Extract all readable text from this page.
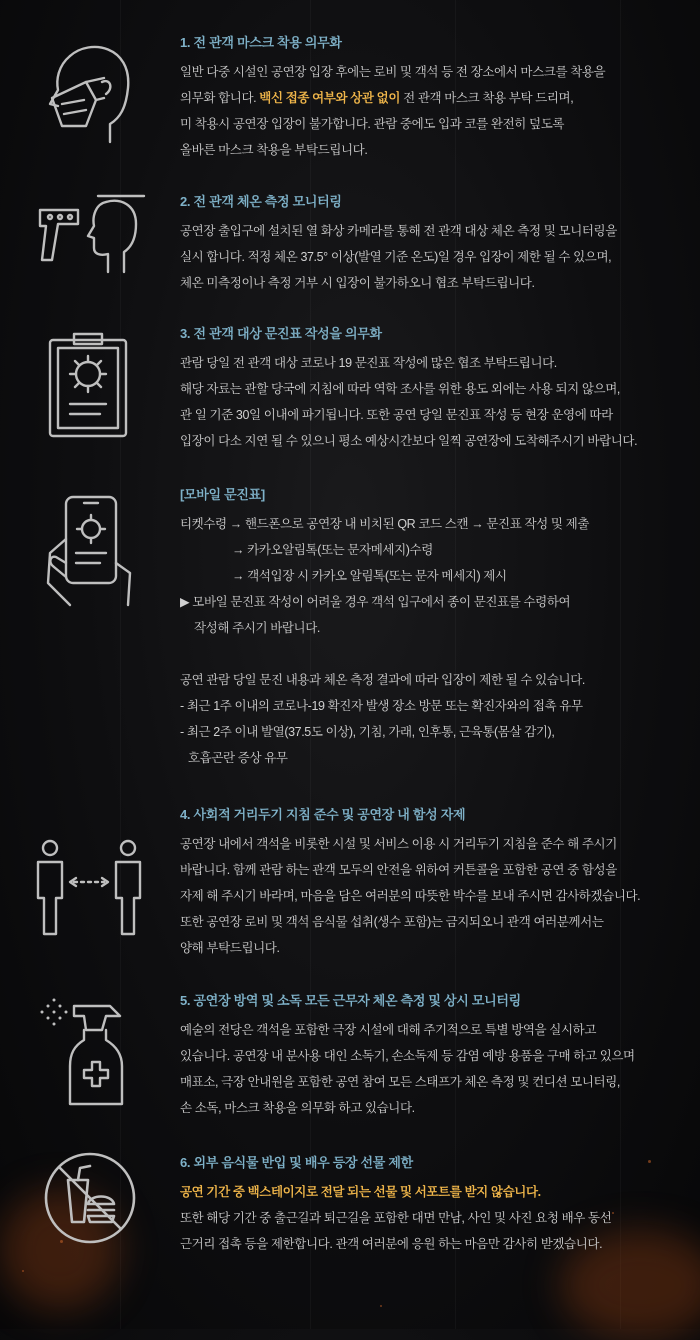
1. 전 관객 마스크 착용 의무화

일반 다중 시설인 공연장 입장 후에는 로비 및 객석 등 전 장소에서 마스크를 착용을

의무화 합니다. 백신 접종 여부와 상관 없이 전 관객 마스크 착용 부탁 드리며,

미 착용시 공연장 입장이 불가합니다. 관람 중에도 입과 코를 완전히 덮도록

올바른 마스크 착용을 부탁드립니다.

2. 전 관객 체온 측정 모니터링

공연장 출입구에 설치된 열 화상 카메라를 통해 전 관객 대상 체온 측정 및 모니터링을

실시 합니다. 적정 체온 37.5° 이상(발열 기준 온도)일 경우 입장이 제한 될 수 있으며,

체온 미측정이나 측정 거부 시 입장이 불가하오니 협조 부탁드립니다.

3. 전 관객 대상 문진표 작성을 의무화

관람 당일 전 관객 대상 코로나 19 문진표 작성에 많은 협조 부탁드립니다.

해당 자료는 관할 당국에 지침에 따라 역학 조사를 위한 용도 외에는 사용 되지 않으며,

관 일 기준 30일 이내에 파기됩니다. 또한 공연 당일 문진표 작성 등 현장 운영에 따라

입장이 다소 지연 될 수 있으니 평소 예상시간보다 일찍 공연장에 도착해주시기 바랍니다.

[모바일 문진표]

티켓수령 → 핸드폰으로 공연장 내 비치된 QR 코드 스캔 → 문진표 작성 및 제출

→ 카카오알림톡(또는 문자메세지)수령

→ 객석입장 시 카카오 알림톡(또는 문자 메세지) 제시

▶ 모바일 문진표 작성이 어려울 경우 객석 입구에서 종이 문진표를 수령하여

작성해 주시기 바랍니다.

공연 관람 당일 문진 내용과 체온 측정 결과에 따라 입장이 제한 될 수 있습니다.

- 최근 1주 이내의 코로나-19 확진자 발생 장소 방문 또는 확진자와의 접촉 유무

- 최근 2주 이내 발열(37.5도 이상), 기침, 가래, 인후통, 근육통(몸살 감기),

호흡곤란 증상 유무

4. 사회적 거리두기 지침 준수 및 공연장 내 함성 자제

공연장 내에서 객석을 비롯한 시설 및 서비스 이용 시 거리두기 지침을 준수 해 주시기

바랍니다. 함께 관람 하는 관객 모두의 안전을 위하여 커튼콜을 포함한 공연 중 함성을

자제 해 주시기 바라며, 마음을 담은 여러분의 따뜻한 박수를 보내 주시면 감사하겠습니다.

또한 공연장 로비 및 객석 음식물 섭취(생수 포함)는 금지되오니 관객 여러분께서는

양해 부탁드립니다.

5. 공연장 방역 및 소독 모든 근무자 체온 측정 및 상시 모니터링

예술의 전당은 객석을 포함한 극장 시설에 대해 주기적으로 특별 방역을 실시하고

있습니다. 공연장 내 분사용 대인 소독기, 손소독제 등 감염 예방 용품을 구매 하고 있으며

매표소, 극장 안내원을 포함한 공연 참여 모든 스태프가 체온 측정 및 컨디션 모니터링,

손 소독, 마스크 착용을 의무화 하고 있습니다.

6. 외부 음식물 반입 및 배우 등장 선물 제한

공연 기간 중 백스테이지로 전달 되는 선물 및 서포트를 받지 않습니다.

또한 해당 기간 중 출근길과 퇴근길을 포함한 대면 만남, 사인 및 사진 요청 배우 동선

근거리 접촉 등을 제한합니다. 관객 여러분에 응원 하는 마음만 감사히 받겠습니다.
